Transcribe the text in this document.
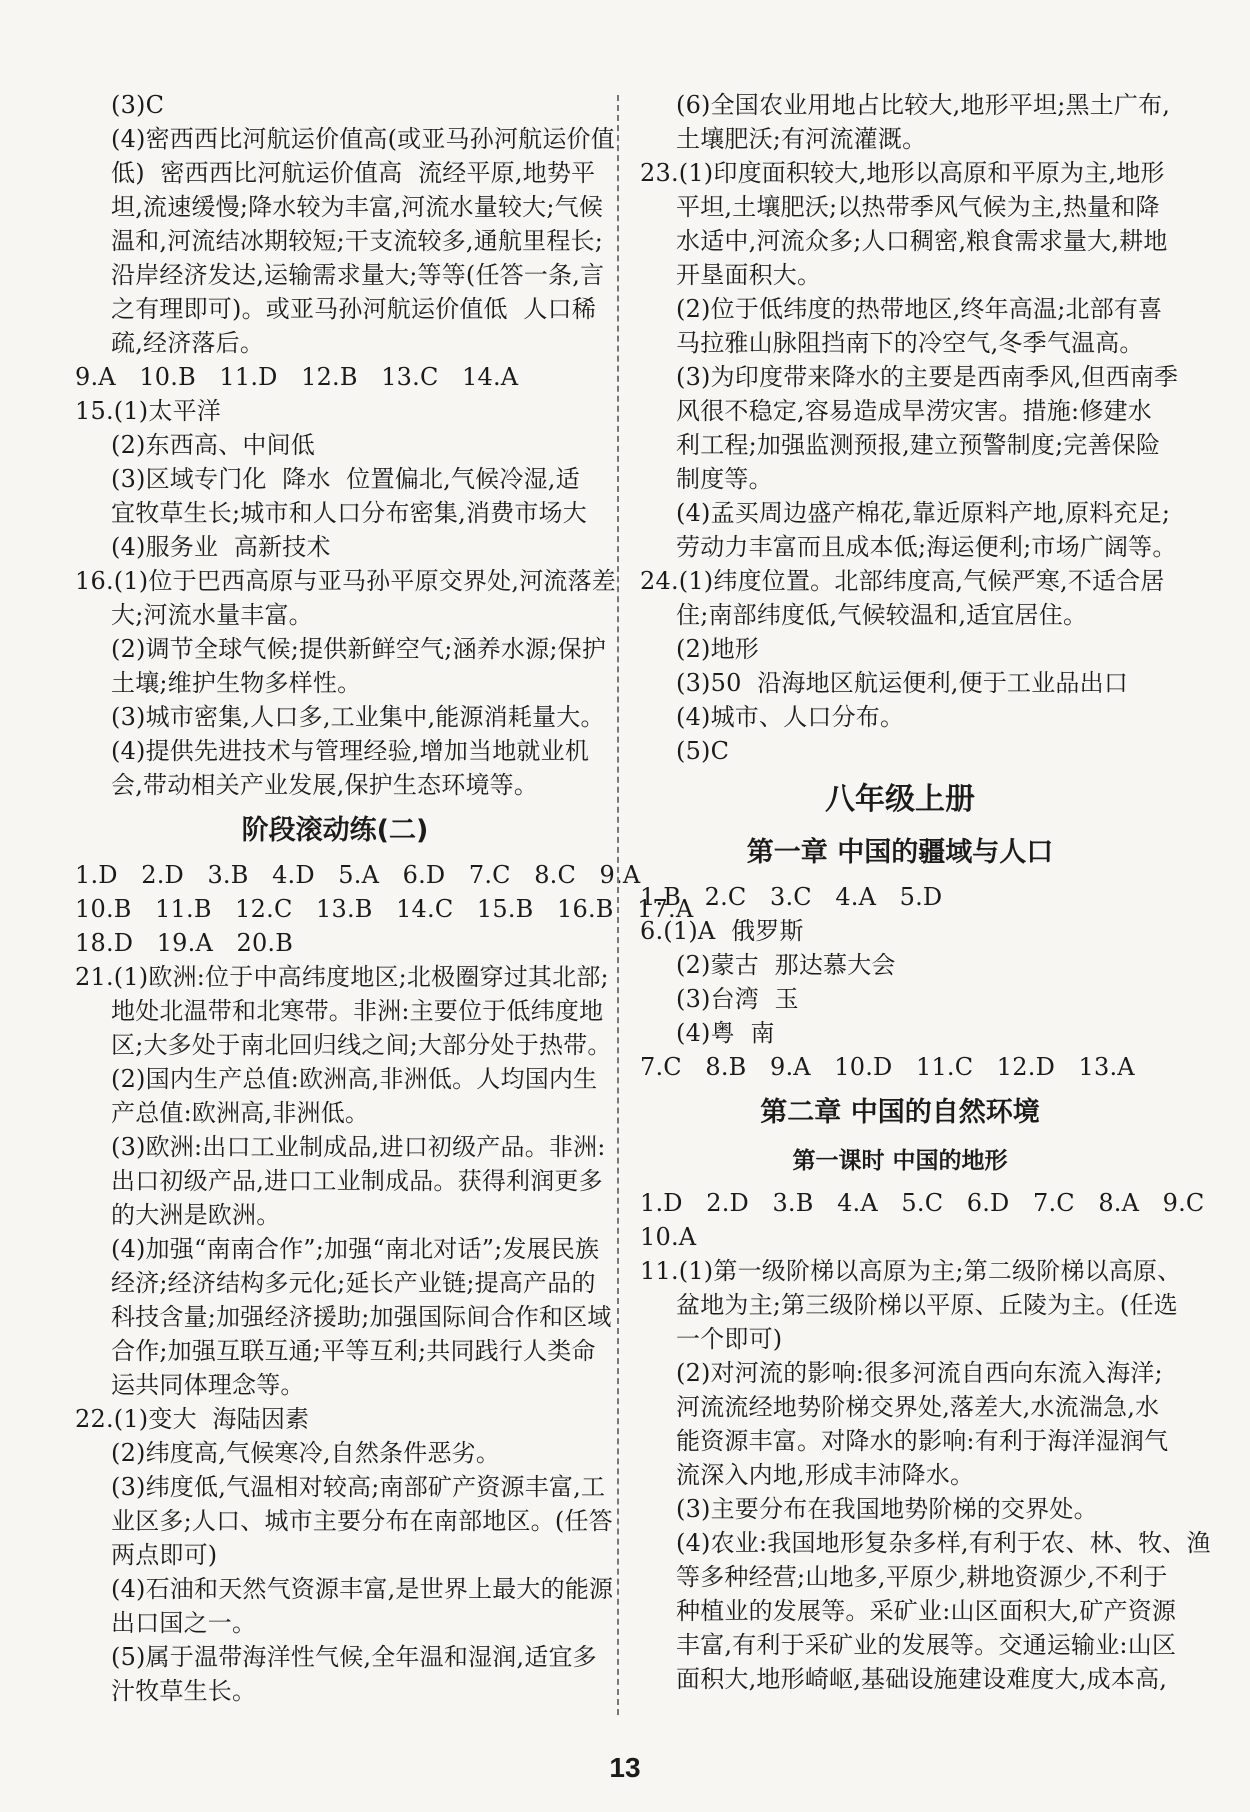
(3)C
(4)密西西比河航运价值高(或亚马孙河航运价值
低)  密西西比河航运价值高  流经平原,地势平
坦,流速缓慢;降水较为丰富,河流水量较大;气候
温和,河流结冰期较短;干支流较多,通航里程长;
沿岸经济发达,运输需求量大;等等(任答一条,言
之有理即可)。或亚马孙河航运价值低  人口稀
疏,经济落后。
9.A   10.B   11.D   12.B   13.C   14.A
15.(1)太平洋
(2)东西高、中间低
(3)区域专门化  降水  位置偏北,气候冷湿,适
宜牧草生长;城市和人口分布密集,消费市场大
(4)服务业  高新技术
16.(1)位于巴西高原与亚马孙平原交界处,河流落差
大;河流水量丰富。
(2)调节全球气候;提供新鲜空气;涵养水源;保护
土壤;维护生物多样性。
(3)城市密集,人口多,工业集中,能源消耗量大。
(4)提供先进技术与管理经验,增加当地就业机
会,带动相关产业发展,保护生态环境等。
阶段滚动练(二)
1.D   2.D   3.B   4.D   5.A   6.D   7.C   8.C   9.A
10.B   11.B   12.C   13.B   14.C   15.B   16.B   17.A
18.D   19.A   20.B
21.(1)欧洲:位于中高纬度地区;北极圈穿过其北部;
地处北温带和北寒带。非洲:主要位于低纬度地
区;大多处于南北回归线之间;大部分处于热带。
(2)国内生产总值:欧洲高,非洲低。人均国内生
产总值:欧洲高,非洲低。
(3)欧洲:出口工业制成品,进口初级产品。非洲:
出口初级产品,进口工业制成品。获得利润更多
的大洲是欧洲。
(4)加强“南南合作”;加强“南北对话”;发展民族
经济;经济结构多元化;延长产业链;提高产品的
科技含量;加强经济援助;加强国际间合作和区域
合作;加强互联互通;平等互利;共同践行人类命
运共同体理念等。
22.(1)变大  海陆因素
(2)纬度高,气候寒冷,自然条件恶劣。
(3)纬度低,气温相对较高;南部矿产资源丰富,工
业区多;人口、城市主要分布在南部地区。(任答
两点即可)
(4)石油和天然气资源丰富,是世界上最大的能源
出口国之一。
(5)属于温带海洋性气候,全年温和湿润,适宜多
汁牧草生长。
(6)全国农业用地占比较大,地形平坦;黑土广布,
土壤肥沃;有河流灌溉。
23.(1)印度面积较大,地形以高原和平原为主,地形
平坦,土壤肥沃;以热带季风气候为主,热量和降
水适中,河流众多;人口稠密,粮食需求量大,耕地
开垦面积大。
(2)位于低纬度的热带地区,终年高温;北部有喜
马拉雅山脉阻挡南下的冷空气,冬季气温高。
(3)为印度带来降水的主要是西南季风,但西南季
风很不稳定,容易造成旱涝灾害。措施:修建水
利工程;加强监测预报,建立预警制度;完善保险
制度等。
(4)孟买周边盛产棉花,靠近原料产地,原料充足;
劳动力丰富而且成本低;海运便利;市场广阔等。
24.(1)纬度位置。北部纬度高,气候严寒,不适合居
住;南部纬度低,气候较温和,适宜居住。
(2)地形
(3)50  沿海地区航运便利,便于工业品出口
(4)城市、人口分布。
(5)C
八年级上册
第一章 中国的疆域与人口
1.B   2.C   3.C   4.A   5.D
6.(1)A  俄罗斯
(2)蒙古  那达慕大会
(3)台湾  玉
(4)粤  南
7.C   8.B   9.A   10.D   11.C   12.D   13.A
第二章 中国的自然环境
第一课时 中国的地形
1.D   2.D   3.B   4.A   5.C   6.D   7.C   8.A   9.C
10.A
11.(1)第一级阶梯以高原为主;第二级阶梯以高原、
盆地为主;第三级阶梯以平原、丘陵为主。(任选
一个即可)
(2)对河流的影响:很多河流自西向东流入海洋;
河流流经地势阶梯交界处,落差大,水流湍急,水
能资源丰富。对降水的影响:有利于海洋湿润气
流深入内地,形成丰沛降水。
(3)主要分布在我国地势阶梯的交界处。
(4)农业:我国地形复杂多样,有利于农、林、牧、渔
等多种经营;山地多,平原少,耕地资源少,不利于
种植业的发展等。采矿业:山区面积大,矿产资源
丰富,有利于采矿业的发展等。交通运输业:山区
面积大,地形崎岖,基础设施建设难度大,成本高,
13
